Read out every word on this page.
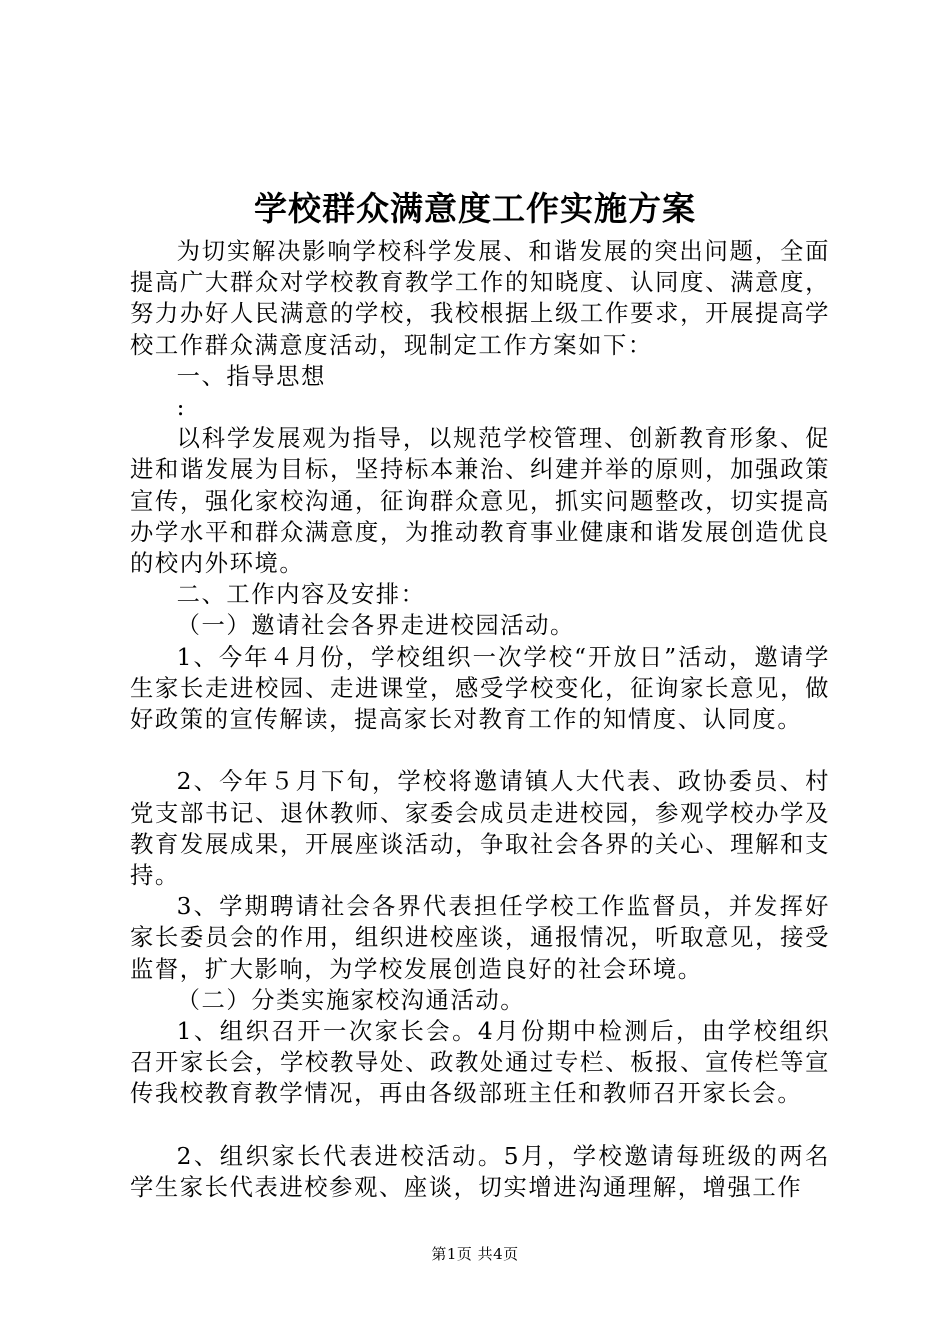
学校群众满意度工作实施方案

为切实解决影响学校科学发展、和谐发展的突出问题，全面提高广大群众对学校教育教学工作的知晓度、认同度、满意度，努力办好人民满意的学校，我校根据上级工作要求，开展提高学校工作群众满意度活动，现制定工作方案如下：

一、指导思想

:

以科学发展观为指导，以规范学校管理、创新教育形象、促进和谐发展为目标，坚持标本兼治、纠建并举的原则，加强政策宣传，强化家校沟通，征询群众意见，抓实问题整改，切实提高办学水平和群众满意度，为推动教育事业健康和谐发展创造优良的校内外环境。

二、工作内容及安排：

（一）邀请社会各界走进校园活动。

1、今年４月份，学校组织一次学校“开放日”活动，邀请学生家长走进校园、走进课堂，感受学校变化，征询家长意见，做好政策的宣传解读，提高家长对教育工作的知情度、认同度。

2、今年５月下旬，学校将邀请镇人大代表、政协委员、村党支部书记、退休教师、家委会成员走进校园，参观学校办学及教育发展成果，开展座谈活动，争取社会各界的关心、理解和支持。

3、学期聘请社会各界代表担任学校工作监督员，并发挥好家长委员会的作用，组织进校座谈，通报情况，听取意见，接受监督，扩大影响，为学校发展创造良好的社会环境。

（二）分类实施家校沟通活动。

1、组织召开一次家长会。4月份期中检测后，由学校组织召开家长会，学校教导处、政教处通过专栏、板报、宣传栏等宣传我校教育教学情况，再由各级部班主任和教师召开家长会。

2、组织家长代表进校活动。5月，学校邀请每班级的两名学生家长代表进校参观、座谈，切实增进沟通理解，增强工作

第1页 共4页
